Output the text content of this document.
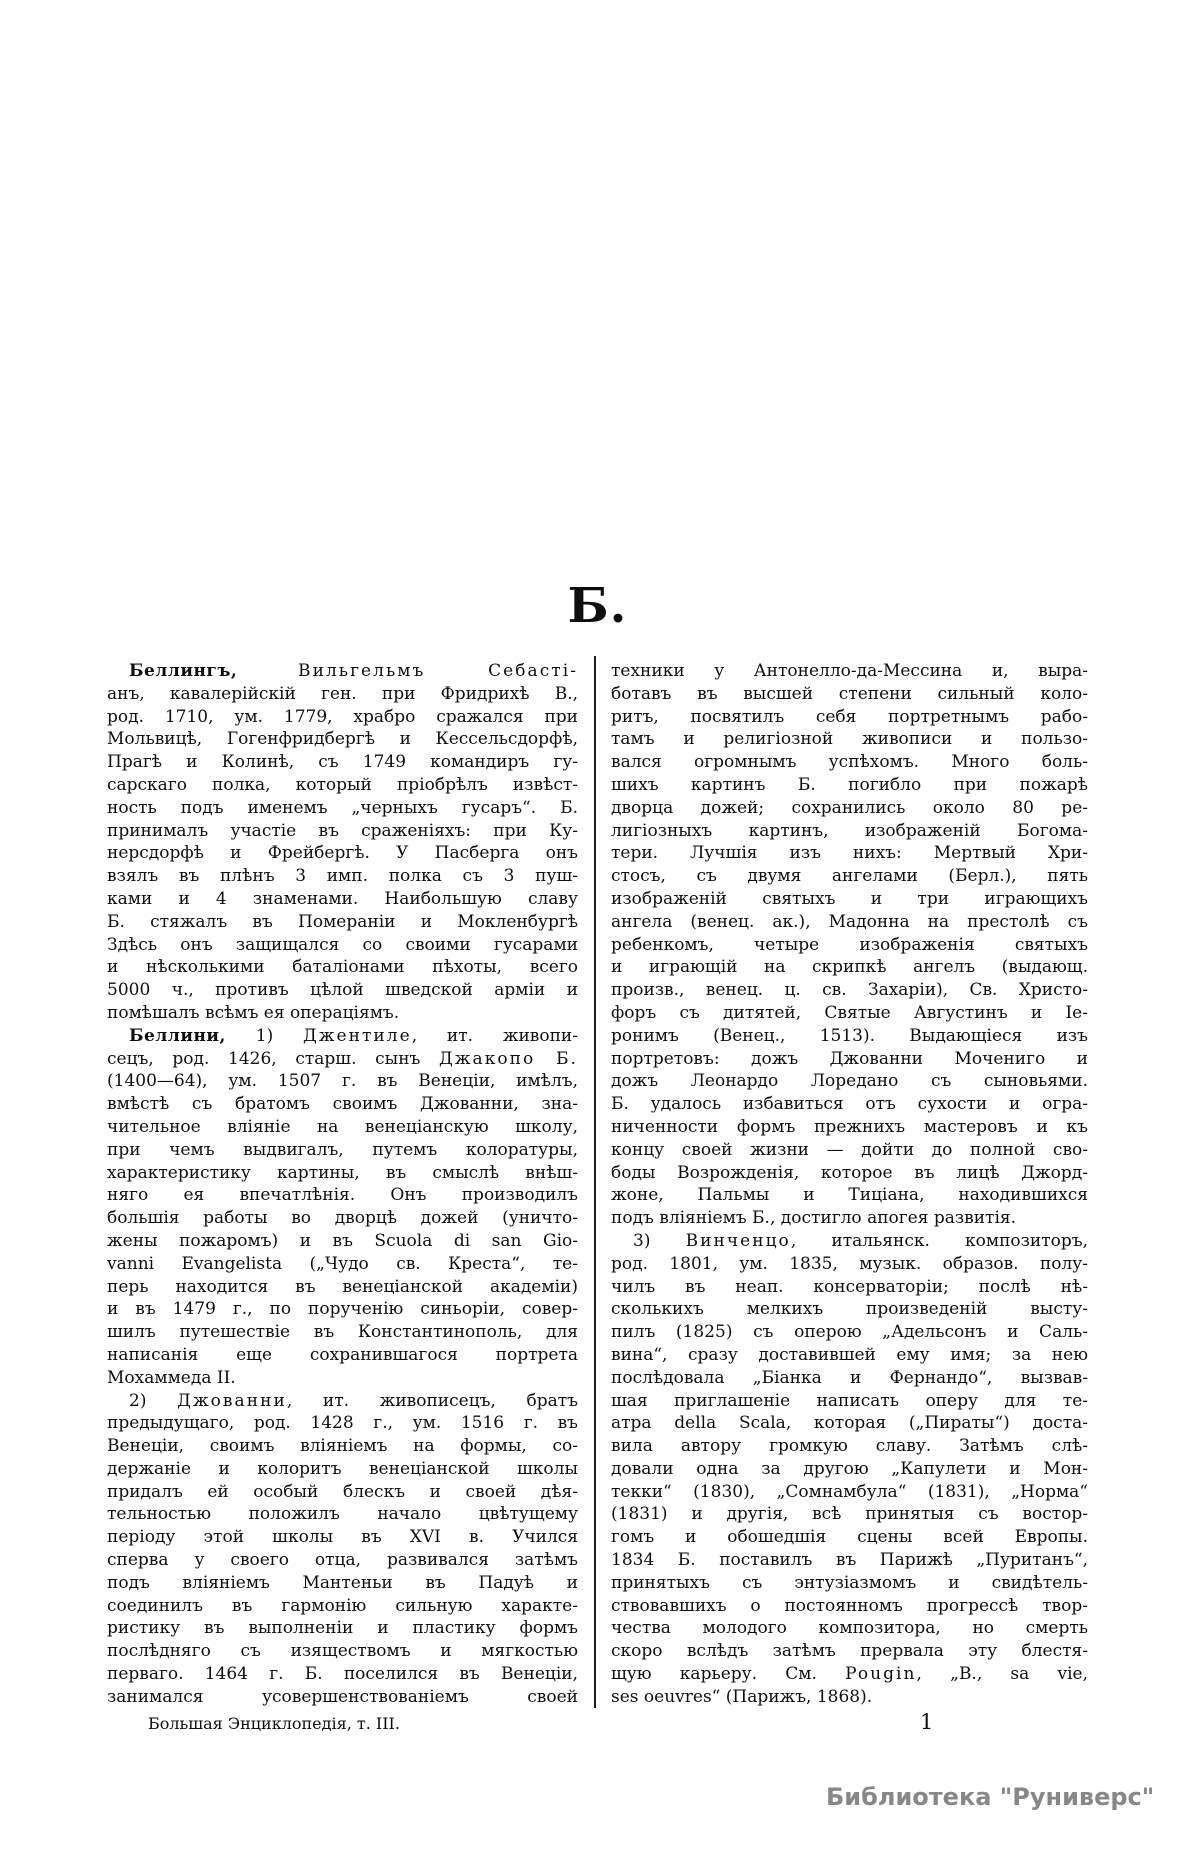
Б.
Беллингъ,	Вильгельмъ Себасті-
анъ, кавалерійскій ген. при Фридрихѣ В.,
род. 1710, ум. 1779, храбро сражался при
Мольвицѣ, Гогенфридбергѣ и Кессельсдорфѣ,
Прагѣ и Колинѣ, съ 1749 командиръ гу-
сарскаго полка, который пріобрѣлъ извѣст-
ность подъ именемъ „черныхъ гусаръ“. Б.
принималъ участіе въ сраженіяхъ: при Ку-
нерсдорфѣ и Фрейбергѣ. У Пасберга онъ
взялъ въ плѣнъ 3 имп. полка съ 3 пуш-
ками и 4 знаменами. Наибольшую славу
Б. стяжалъ въ Помераніи и Мокленбургѣ
Здѣсь онъ защищался со своими гусарами
и нѣсколькими баталіонами пѣхоты, всего
5000 ч., противъ цѣлой шведской арміи и
помѣшалъ всѣмъ ея операціямъ.
Беллини, 1) Джентиле, ит. живопи-
сецъ, род. 1426, старш. сынъ Джакопо Б.
(1400—64), ум. 1507 г. въ Венеціи, имѣлъ,
вмѣстѣ съ братомъ своимъ Джованни, зна-
чительное вліяніе на венеціанскую школу,
при чемъ выдвигалъ, путемъ колоратуры,
характеристику картины, въ смыслѣ внѣш-
няго ея впечатлѣнія. Онъ производилъ
большія работы во дворцѣ дожей (уничто-
жены пожаромъ) и въ Scuola di san Gio-
vanni Evangelista („Чудо св. Креста“, те-
перь находится въ венеціанской академіи)
и въ 1479 г., по порученію синьоріи, совер-
шилъ путешествіе въ Константинополь, для
написанія еще сохранившагося портрета
Мохаммеда II.
2) Джованни, ит. живописецъ, братъ
предыдущаго, род. 1428 г., ум. 1516 г. въ
Венеціи, своимъ вліяніемъ на формы, со-
держаніе и колоритъ венеціанской школы
придалъ ей особый блескъ и своей дѣя-
тельностью положилъ начало цвѣтущему
періоду этой школы въ XVI в. Учился
сперва у своего отца, развивался затѣмъ
подъ вліяніемъ Мантеньи въ Падуѣ и
соединилъ въ гармонію сильную характе-
ристику въ выполненіи и пластику формъ
послѣдняго съ изяществомъ и мягкостью
перваго. 1464 г. Б. поселился въ Венеціи,
занимался усовершенствованіемъ своей
техники у Антонелло-да-Мессина и, выра-
ботавъ въ высшей степени сильный коло-
ритъ, посвятилъ себя портретнымъ рабо-
тамъ и религіозной живописи и пользо-
вался огромнымъ успѣхомъ. Много боль-
шихъ картинъ Б. погибло при пожарѣ
дворца дожей; сохранились около 80 ре-
лигіозныхъ картинъ, изображеній Богома-
тери. Лучшія изъ нихъ: Мертвый Хри-
стосъ, съ двумя ангелами (Берл.), пять
изображеній святыхъ и три играющихъ
ангела (венец. ак.), Мадонна на престолѣ съ
ребенкомъ, четыре изображенія святыхъ
и играющій на скрипкѣ ангелъ (выдающ.
произв., венец. ц. св. Захаріи), Св. Христо-
форъ съ дитятей, Святые Августинъ и Іе-
ронимъ (Венец., 1513). Выдающіеся изъ
портретовъ: дожъ Джованни Мочениго и
дожъ Леонардо Лоредано съ сыновьями.
Б. удалось избавиться отъ сухости и огра-
ниченности формъ прежнихъ мастеровъ и къ
концу своей жизни — дойти до полной сво-
боды Возрожденія, которое въ лицѣ Джорд-
жоне, Пальмы и Тиціана, находившихся
подъ вліяніемъ Б., достигло апогея развитія.
3) Винченцо, итальянск. композиторъ,
род. 1801, ум. 1835, музык. образов. полу-
чилъ въ неап. консерваторіи; послѣ нѣ-
сколькихъ мелкихъ произведеній высту-
пилъ (1825) съ оперою „Адельсонъ и Саль-
вина“, сразу доставившей ему имя; за нею
послѣдовала „Біанка и Фернандо“, вызвав-
шая приглашеніе написать оперу для те-
атра della Scala, которая („Пираты“) доста-
вила автору громкую славу. Затѣмъ слѣ-
довали одна за другою „Капулети и Мон-
текки“ (1830), „Сомнамбула“ (1831), „Норма“
(1831) и другія, всѣ принятыя съ востор-
гомъ и обошедшія сцены всей Европы.
1834 Б. поставилъ въ Парижѣ „Пуританъ“,
принятыхъ съ энтузіазмомъ и свидѣтель-
ствовавшихъ о постоянномъ прогрессѣ твор-
чества молодого композитора, но смерть
скоро вслѣдъ затѣмъ прервала эту блестя-
щую карьеру. См. Pougin, „B., sa vie,
ses oeuvres“ (Парижъ, 1868).
Большая Энциклопедія, т. III.	1
Библиотека "Руниверс"
